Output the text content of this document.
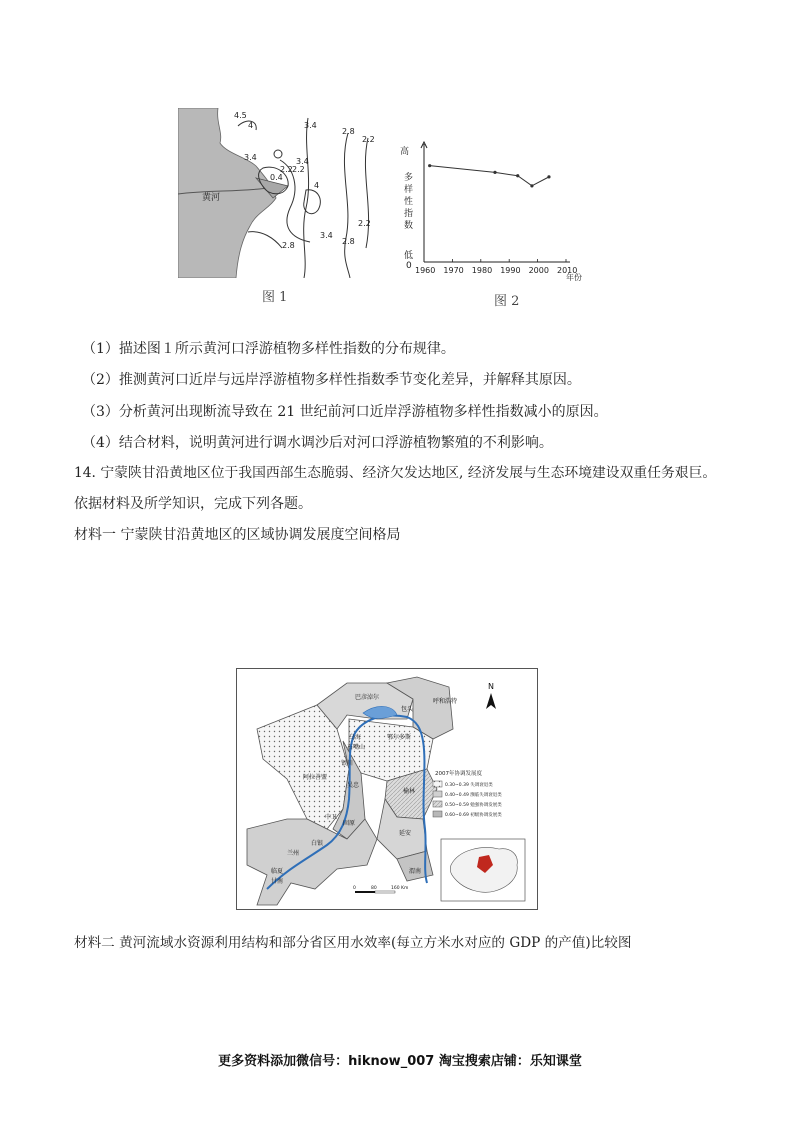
4.5
4	3.4
2.8
2.2
3.4	3.4
2.2 2.2
0.4
4
2.8
3.4
2.8
2.2
黄河
图 1
高
多
样
性
指
数
低
0
年份
1960 1970 1980 1990 2000 2010
图 2
（1）描述图１所示黄河口浮游植物多样性指数的分布规律。
（2）推测黄河口近岸与远岸浮游植物多样性指数季节变化差异，并解释其原因。
（3）分析黄河出现断流导致在 21 世纪前河口近岸浮游植物多样性指数减小的原因。
（4）结合材料，说明黄河进行调水调沙后对河口浮游植物繁殖的不利影响。
14. 宁蒙陕甘沿黄地区位于我国西部生态脆弱、经济欠发达地区, 经济发展与生态环境建设双重任务艰巨。
依据材料及所学知识，完成下列各题。
材料一 宁蒙陕甘沿黄地区的区域协调发展度空间格局
巴彦淖尔
包头
呼和浩特
鄂尔多斯
乌海
石嘴山
阿拉善盟
银川
吴忠
中卫
固原
白银
兰州
榆林
延安
渭南
临夏
甘南
N
2007年协调发展度
0.30~0.39 失调衰退类
0.40~0.49 濒临失调衰退类
0.50~0.59 勉强协调发展类
0.60~0.69 初级协调发展类
0	80	160 Km
材料二 黄河流域水资源利用结构和部分省区用水效率(每立方米水对应的 GDP 的产值)比较图
更多资料添加微信号：hiknow_007 淘宝搜索店铺：乐知课堂
